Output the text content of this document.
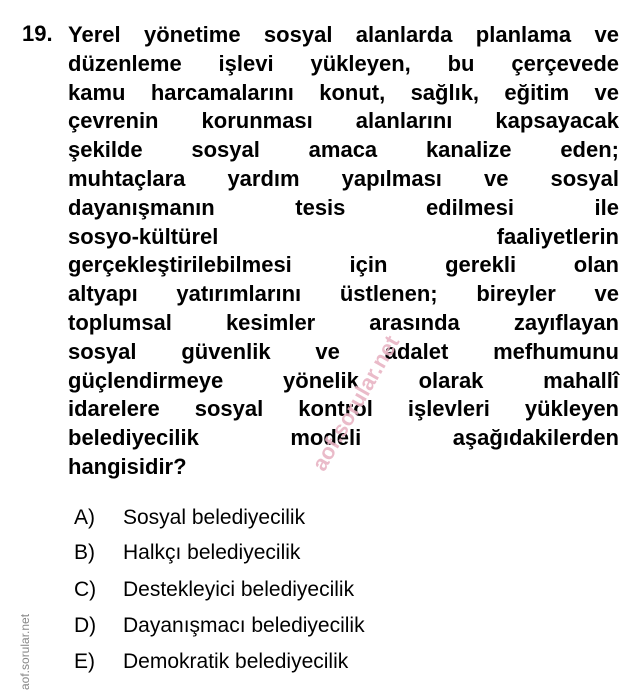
19. Yerel yönetime sosyal alanlarda planlama ve
düzenleme işlevi yükleyen, bu çerçevede
kamu harcamalarını konut, sağlık, eğitim ve
çevrenin korunması alanlarını kapsayacak
şekilde sosyal amaca kanalize eden;
muhtaçlara yardım yapılması ve sosyal
dayanışmanın tesis edilmesi ile
sosyo-kültürel faaliyetlerin
gerçekleştirilebilmesi için gerekli olan
altyapı yatırımlarını üstlenen; bireyler ve
toplumsal kesimler arasında zayıflayan
sosyal güvenlik ve adalet mefhumunu
güçlendirmeye yönelik olarak mahallî
idarelere sosyal kontrol işlevleri yükleyen
belediyecilik modeli aşağıdakilerden
hangisidir?
A) Sosyal belediyecilik
B) Halkçı belediyecilik
C) Destekleyici belediyecilik
D) Dayanışmacı belediyecilik
E) Demokratik belediyecilik
aof.sorular.net
aof.sorular.net
